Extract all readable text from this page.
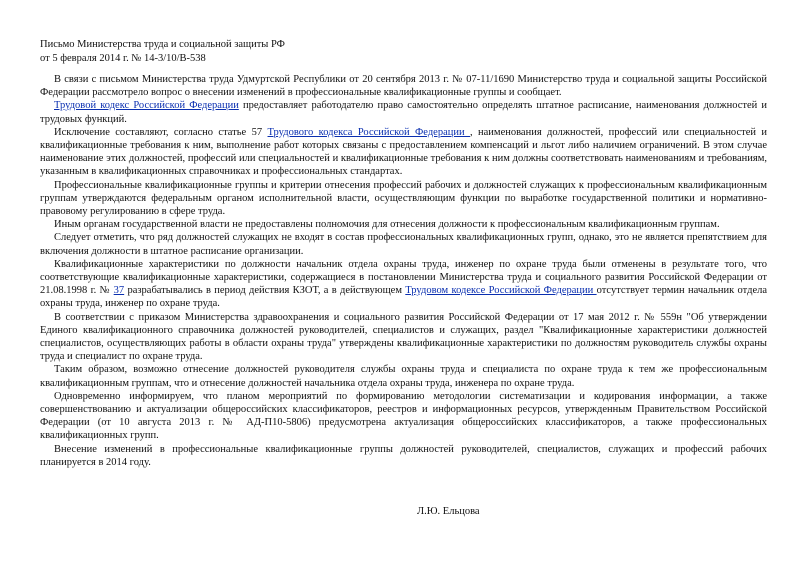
Письмо Министерства труда и социальной защиты РФ
от 5 февраля 2014 г. № 14-3/10/В-538

В связи с письмом Министерства труда Удмуртской Республики от 20 сентября 2013 г. № 07-11/1690 Министерство труда и социальной защиты Российской Федерации рассмотрело вопрос о внесении изменений в профессиональные квалификационные группы и сообщает.

Трудовой кодекс Российской Федерации предоставляет работодателю право самостоятельно определять штатное расписание, наименования должностей и трудовых функций.

Исключение составляют, согласно статье 57 Трудового кодекса Российской Федерации , наименования должностей, профессий или специальностей и квалификационные требования к ним, выполнение работ которых связаны с предоставлением компенсаций и льгот либо наличием ограничений. В этом случае наименование этих должностей, профессий или специальностей и квалификационные требования к ним должны соответствовать наименованиям и требованиям, указанным в квалификационных справочниках и профессиональных стандартах.

Профессиональные квалификационные группы и критерии отнесения профессий рабочих и должностей служащих к профессиональным квалификационным группам утверждаются федеральным органом исполнительной власти, осуществляющим функции по выработке государственной политики и нормативно-правовому регулированию в сфере труда.

Иным органам государственной власти не предоставлены полномочия для отнесения должности к профессиональным квалификационным группам.

Следует отметить, что ряд должностей служащих не входят в состав профессиональных квалификационных групп, однако, это не является препятствием для включения должности в штатное расписание организации.

Квалификационные характеристики по должности начальник отдела охраны труда, инженер по охране труда были отменены в результате того, что соответствующие квалификационные характеристики, содержащиеся в постановлении Министерства труда и социального развития Российской Федерации от 21.08.1998 г. № 37 разрабатывались в период действия КЗОТ, а в действующем Трудовом кодексе Российской Федерации отсутствует термин начальник отдела охраны труда, инженер по охране труда.

В соответствии с приказом Министерства здравоохранения и социального развития Российской Федерации от 17 мая 2012 г. № 559н "Об утверждении Единого квалификационного справочника должностей руководителей, специалистов и служащих, раздел "Квалификационные характеристики должностей специалистов, осуществляющих работы в области охраны труда" утверждены квалификационные характеристики по должностям руководитель службы охраны труда и специалист по охране труда.

Таким образом, возможно отнесение должностей руководителя службы охраны труда и специалиста по охране труда к тем же профессиональным квалификационным группам, что и отнесение должностей начальника отдела охраны труда, инженера по охране труда.

Одновременно информируем, что планом мероприятий по формированию методологии систематизации и кодирования информации, а также совершенствованию и актуализации общероссийских классификаторов, реестров и информационных ресурсов, утвержденным Правительством Российской Федерации (от 10 августа 2013 г. № АД-П10-5806) предусмотрена актуализация общероссийских классификаторов, а также профессиональных квалификационных групп.

Внесение изменений в профессиональные квалификационные группы должностей руководителей, специалистов, служащих и профессий рабочих планируется в 2014 году.

Л.Ю. Ельцова
